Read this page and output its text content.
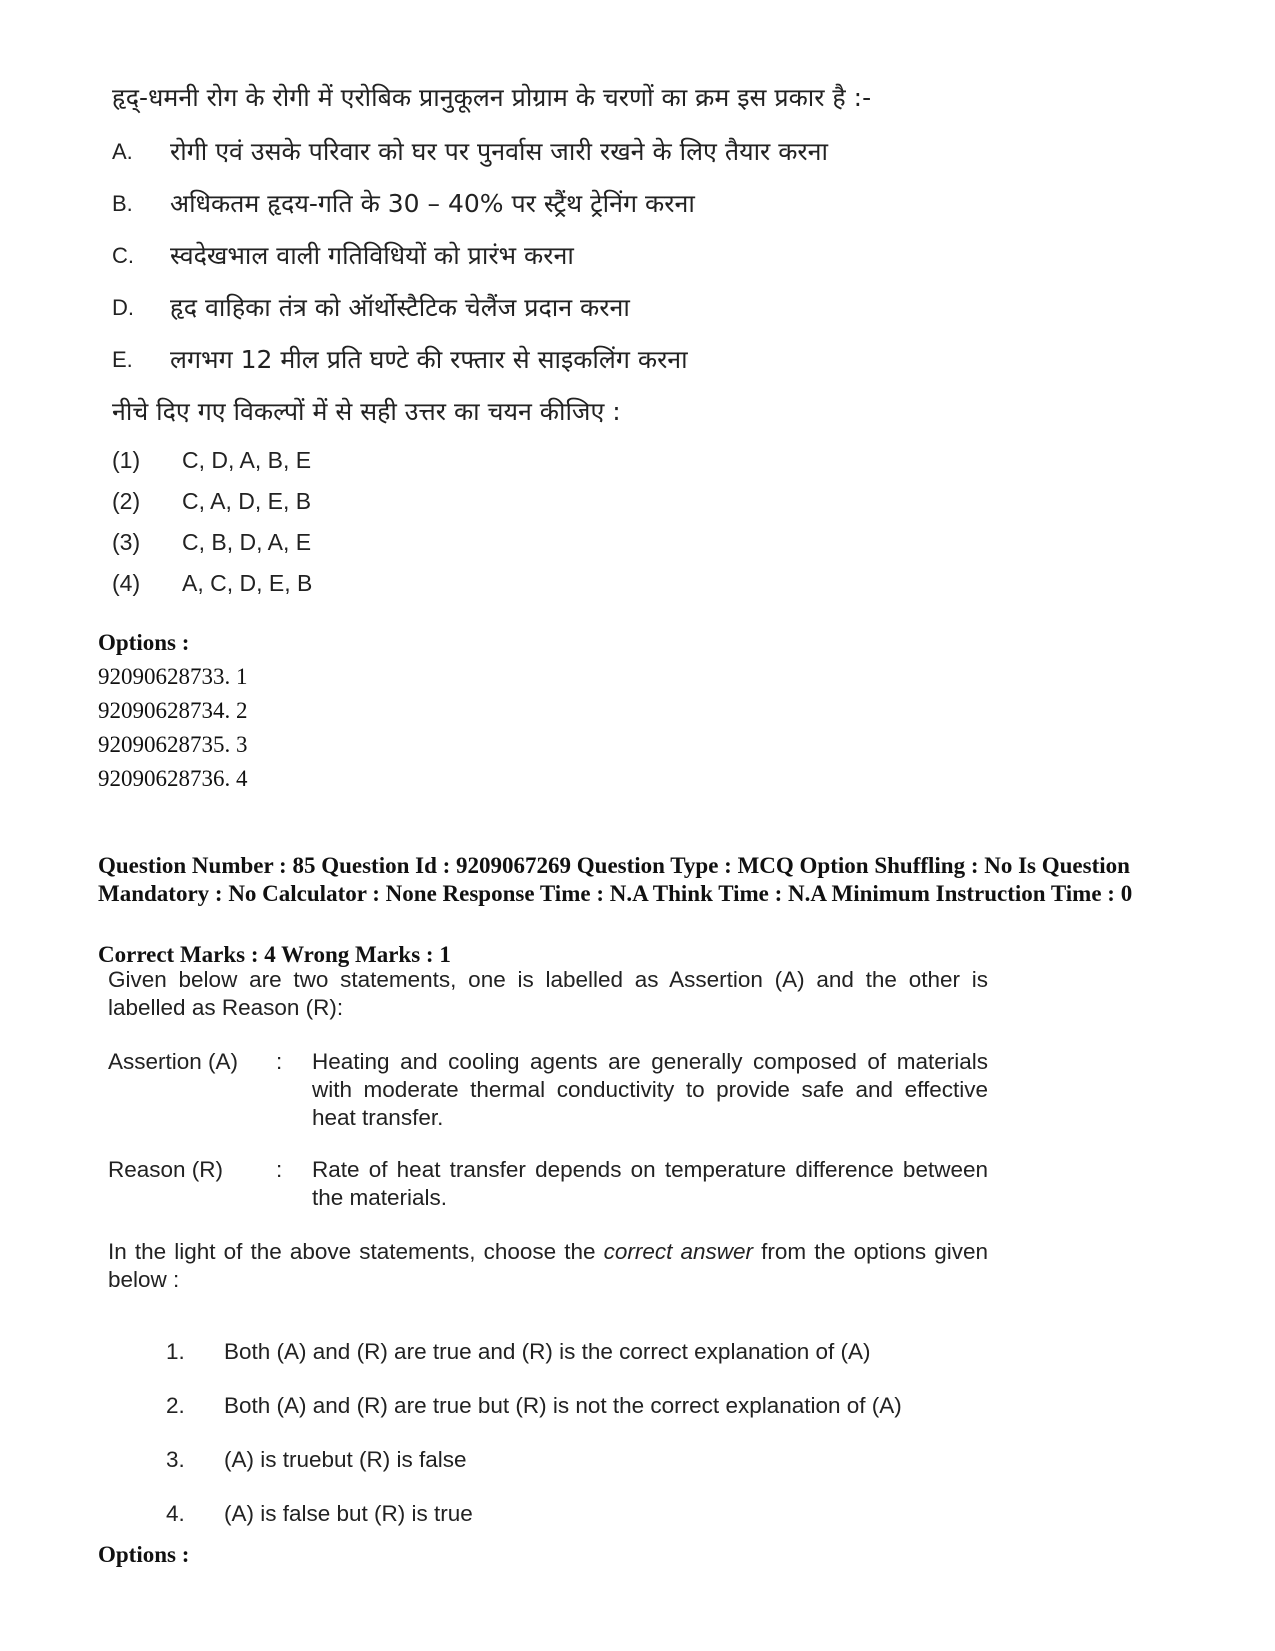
हृद्-धमनी रोग के रोगी में एरोबिक प्रानुकूलन प्रोग्राम के चरणों का क्रम इस प्रकार है :-
A.	रोगी एवं उसके परिवार को घर पर पुनर्वास जारी रखने के लिए तैयार करना
B.	अधिकतम हृदय-गति के 30 – 40% पर स्ट्रैंथ ट्रेनिंग करना
C.	स्वदेखभाल वाली गतिविधियों को प्रारंभ करना
D.	हृद वाहिका तंत्र को ऑर्थोस्टैटिक चेलैंज प्रदान करना
E.	लगभग 12 मील प्रति घण्टे की रफ्तार से साइकलिंग करना
नीचे दिए गए विकल्पों में से सही उत्तर का चयन कीजिए :
(1)	C, D, A, B, E
(2)	C, A, D, E, B
(3)	C, B, D, A, E
(4)	A, C, D, E, B
Options :
92090628733. 1
92090628734. 2
92090628735. 3
92090628736. 4
Question Number : 85 Question Id : 9209067269 Question Type : MCQ Option Shuffling : No Is Question Mandatory : No Calculator : None Response Time : N.A Think Time : N.A Minimum Instruction Time : 0
Correct Marks : 4 Wrong Marks : 1
Given below are two statements, one is labelled as Assertion (A) and the other is labelled as Reason (R):
Assertion (A)	:	Heating and cooling agents are generally composed of materials with moderate thermal conductivity to provide safe and effective heat transfer.
Reason (R)	:	Rate of heat transfer depends on temperature difference between the materials.
In the light of the above statements, choose the correct answer from the options given below :
1.	Both (A) and (R) are true and (R) is the correct explanation of (A)
2.	Both (A) and (R) are true but (R) is not the correct explanation of (A)
3.	(A) is truebut (R) is false
4.	(A) is false but (R) is true
Options :
